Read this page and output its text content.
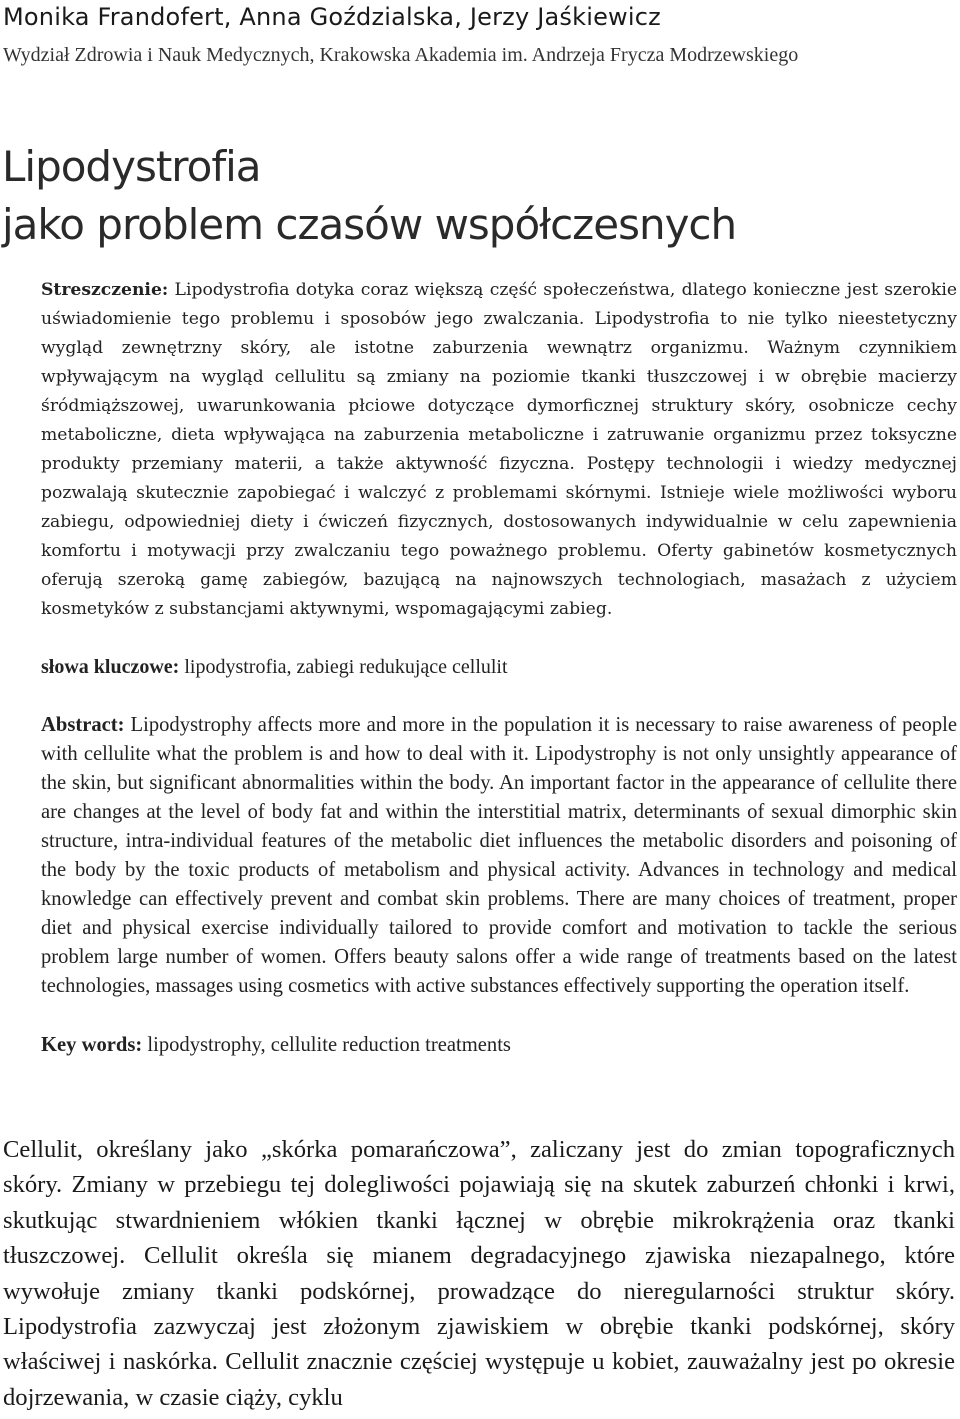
Monika Frandofert, Anna Goździalska, Jerzy Jaśkiewicz
Wydział Zdrowia i Nauk Medycznych, Krakowska Akademia im. Andrzeja Frycza Modrzewskiego
Lipodystrofia
jako problem czasów współczesnych

Streszczenie: Lipodystrofia dotyka coraz większą część społeczeństwa, dlatego konieczne jest szerokie uświadomienie tego problemu i sposobów jego zwalczania. Lipodystrofia to nie tylko nieestetyczny wygląd zewnętrzny skóry, ale istotne zaburzenia wewnątrz organizmu. Ważnym czynnikiem wpływającym na wygląd cellulitu są zmiany na poziomie tkanki tłuszczowej i w obrębie macierzy śródmiąższowej, uwarunkowania płciowe dotyczące dymorficznej struktury skóry, osobnicze cechy metaboliczne, dieta wpływająca na zaburzenia metaboliczne i zatruwanie organizmu przez toksyczne produkty przemiany materii, a także aktywność fizyczna. Postępy technologii i wiedzy medycznej pozwalają skutecznie zapobiegać i walczyć z problemami skórnymi. Istnieje wiele możliwości wyboru zabiegu, odpowiedniej diety i ćwiczeń fizycznych, dostosowanych indywidualnie w celu zapewnienia komfortu i motywacji przy zwalczaniu tego poważnego problemu. Oferty gabinetów kosmetycznych oferują szeroką gamę zabiegów, bazującą na najnowszych technologiach, masażach z użyciem kosmetyków z substancjami aktywnymi, wspomagającymi zabieg.

słowa kluczowe: lipodystrofia, zabiegi redukujące cellulit

Abstract: Lipodystrophy affects more and more in the population it is necessary to raise awareness of people with cellulite what the problem is and how to deal with it. Lipodystrophy is not only unsightly appearance of the skin, but significant abnormalities within the body. An important factor in the appearance of cellulite there are changes at the level of body fat and within the interstitial matrix, determinants of sexual dimorphic skin structure, intra-individual features of the metabolic diet influences the metabolic disorders and poisoning of the body by the toxic products of metabolism and physical activity. Advances in technology and medical knowledge can effectively prevent and combat skin problems. There are many choices of treatment, proper diet and physical exercise individually tailored to provide comfort and motivation to tackle the serious problem large number of women. Offers beauty salons offer a wide range of treatments based on the latest technologies, massages using cosmetics with active substances effectively supporting the operation itself.

Key words: lipodystrophy, cellulite reduction treatments

Cellulit, określany jako „skórka pomarańczowa”, zaliczany jest do zmian topograficznych skóry. Zmiany w przebiegu tej dolegliwości pojawiają się na skutek zaburzeń chłonki i krwi, skutkując stwardnieniem włókien tkanki łącznej w obrębie mikrokrążenia oraz tkanki tłuszczowej. Cellulit określa się mianem degradacyjnego zjawiska niezapalnego, które wywołuje zmiany tkanki podskórnej, prowadzące do nieregularności struktur skóry. Lipodystrofia zazwyczaj jest złożonym zjawiskiem w obrębie tkanki podskórnej, skóry właściwej i naskórka. Cellulit znacznie częściej występuje u kobiet, zauważalny jest po okresie dojrzewania, w czasie ciąży, cyklu
